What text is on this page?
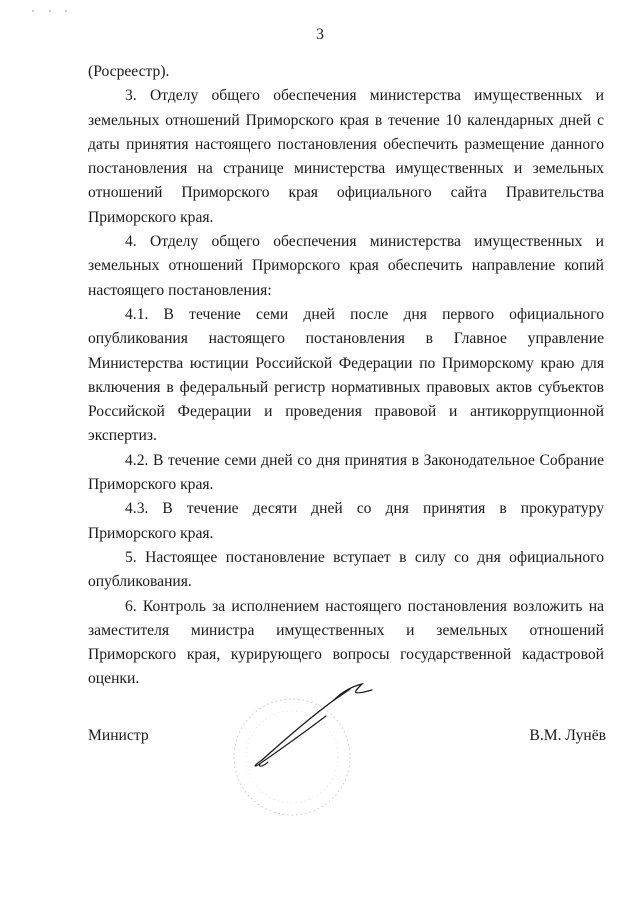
3

(Росреестр).

3. Отделу общего обеспечения министерства имущественных и земельных отношений Приморского края в течение 10 календарных дней с даты принятия настоящего постановления обеспечить размещение данного постановления на странице министерства имущественных и земельных отношений Приморского края официального сайта Правительства Приморского края.

4. Отделу общего обеспечения министерства имущественных и земельных отношений Приморского края обеспечить направление копий настоящего постановления:

4.1. В течение семи дней после дня первого официального опубликования настоящего постановления в Главное управление Министерства юстиции Российской Федерации по Приморскому краю для включения в федеральный регистр нормативных правовых актов субъектов Российской Федерации и проведения правовой и антикоррупционной экспертиз.

4.2. В течение семи дней со дня принятия в Законодательное Собрание Приморского края.

4.3. В течение десяти дней со дня принятия в прокуратуру Приморского края.

5. Настоящее постановление вступает в силу со дня официального опубликования.

6. Контроль за исполнением настоящего постановления возложить на заместителя министра имущественных и земельных отношений Приморского края, курирующего вопросы государственной кадастровой оценки.

Министр	В.М. Лунёв
